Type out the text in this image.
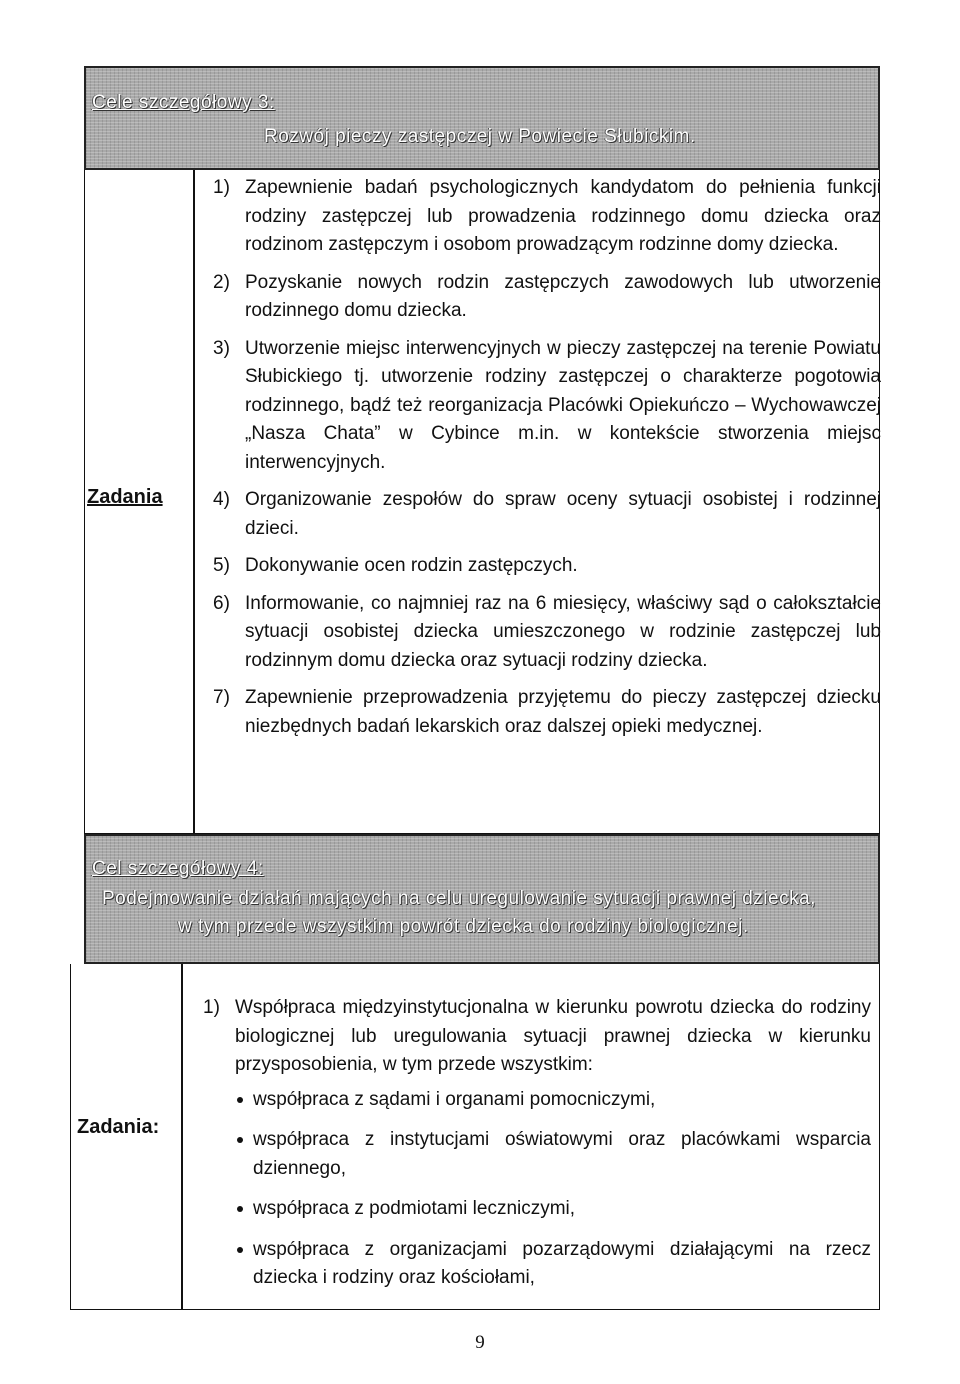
Cele szczegółowy 3:
Rozwój pieczy zastępczej w Powiecie Słubickim.
Zadania
1) Zapewnienie badań psychologicznych kandydatom do pełnienia funkcji rodziny zastępczej lub prowadzenia rodzinnego domu dziecka oraz rodzinom zastępczym i osobom prowadzącym rodzinne domy dziecka.
2) Pozyskanie nowych rodzin zastępczych zawodowych lub utworzenie rodzinnego domu dziecka.
3) Utworzenie miejsc interwencyjnych w pieczy zastępczej na terenie Powiatu Słubickiego tj. utworzenie rodziny zastępczej o charakterze pogotowia rodzinnego, bądź też reorganizacja Placówki Opiekuńczo – Wychowawczej „Nasza Chata” w Cybince m.in. w kontekście stworzenia miejsc interwencyjnych.
4) Organizowanie zespołów do spraw oceny sytuacji osobistej i rodzinnej dzieci.
5) Dokonywanie ocen rodzin zastępczych.
6) Informowanie, co najmniej raz na 6 miesięcy, właściwy sąd o całokształcie sytuacji osobistej dziecka umieszczonego w rodzinie zastępczej lub rodzinnym domu dziecka oraz sytuacji rodziny dziecka.
7) Zapewnienie przeprowadzenia przyjętemu do pieczy zastępczej dziecku niezbędnych badań lekarskich oraz dalszej opieki medycznej.
Cel szczegółowy 4:
Podejmowanie działań mających na celu uregulowanie sytuacji prawnej dziecka,
w tym przede wszystkim powrót dziecka do rodziny biologicznej.
Zadania:
1) Współpraca międzyinstytucjonalna w kierunku powrotu dziecka do rodziny biologicznej lub uregulowania sytuacji prawnej dziecka w kierunku przysposobienia, w tym przede wszystkim:
współpraca z sądami i organami pomocniczymi,
współpraca z instytucjami oświatowymi oraz placówkami wsparcia dziennego,
współpraca z podmiotami leczniczymi,
współpraca z organizacjami pozarządowymi działającymi na rzecz dziecka i rodziny oraz kościołami,
9
